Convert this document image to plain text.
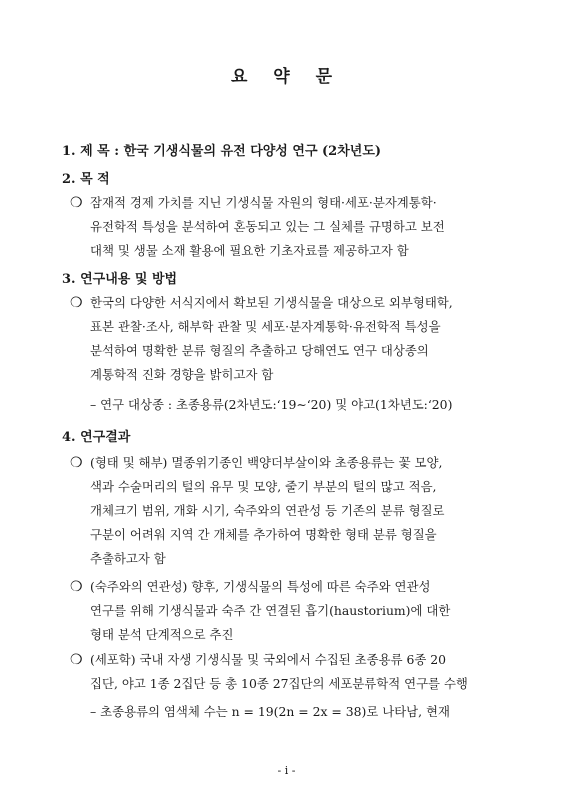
요 약 문
1. 제 목 : 한국 기생식물의 유전 다양성 연구 (2차년도)
2. 목 적
❍ 잠재적 경제 가치를 지닌 기생식물 자원의 형태·세포·분자계통학·
유전학적 특성을 분석하여 혼동되고 있는 그 실체를 규명하고 보전
대책 및 생물 소재 활용에 필요한 기초자료를 제공하고자 함
3. 연구내용 및 방법
❍ 한국의 다양한 서식지에서 확보된 기생식물을 대상으로 외부형태학,
표본 관찰·조사, 해부학 관찰 및 세포·분자계통학·유전학적 특성을
분석하여 명확한 분류 형질의 추출하고 당해연도 연구 대상종의
계통학적 진화 경향을 밝히고자 함
– 연구 대상종 : 초종용류(2차년도:‘19∼‘20) 및 야고(1차년도:‘20)
4. 연구결과
❍ (형태 및 해부) 멸종위기종인 백양더부살이와 초종용류는 꽃 모양,
색과 수술머리의 털의 유무 및 모양, 줄기 부분의 털의 많고 적음,
개체크기 범위, 개화 시기, 숙주와의 연관성 등 기존의 분류 형질로
구분이 어려워 지역 간 개체를 추가하여 명확한 형태 분류 형질을
추출하고자 함
❍ (숙주와의 연관성) 향후, 기생식물의 특성에 따른 숙주와 연관성
연구를 위해 기생식물과 숙주 간 연결된 흡기(haustorium)에 대한
형태 분석 단계적으로 추진
❍ (세포학) 국내 자생 기생식물 및 국외에서 수집된 초종용류 6종 20
집단, 야고 1종 2집단 등 총 10종 27집단의 세포분류학적 연구를 수행
– 초종용류의 염색체 수는 n = 19(2n = 2x = 38)로 나타남, 현재
- i -
